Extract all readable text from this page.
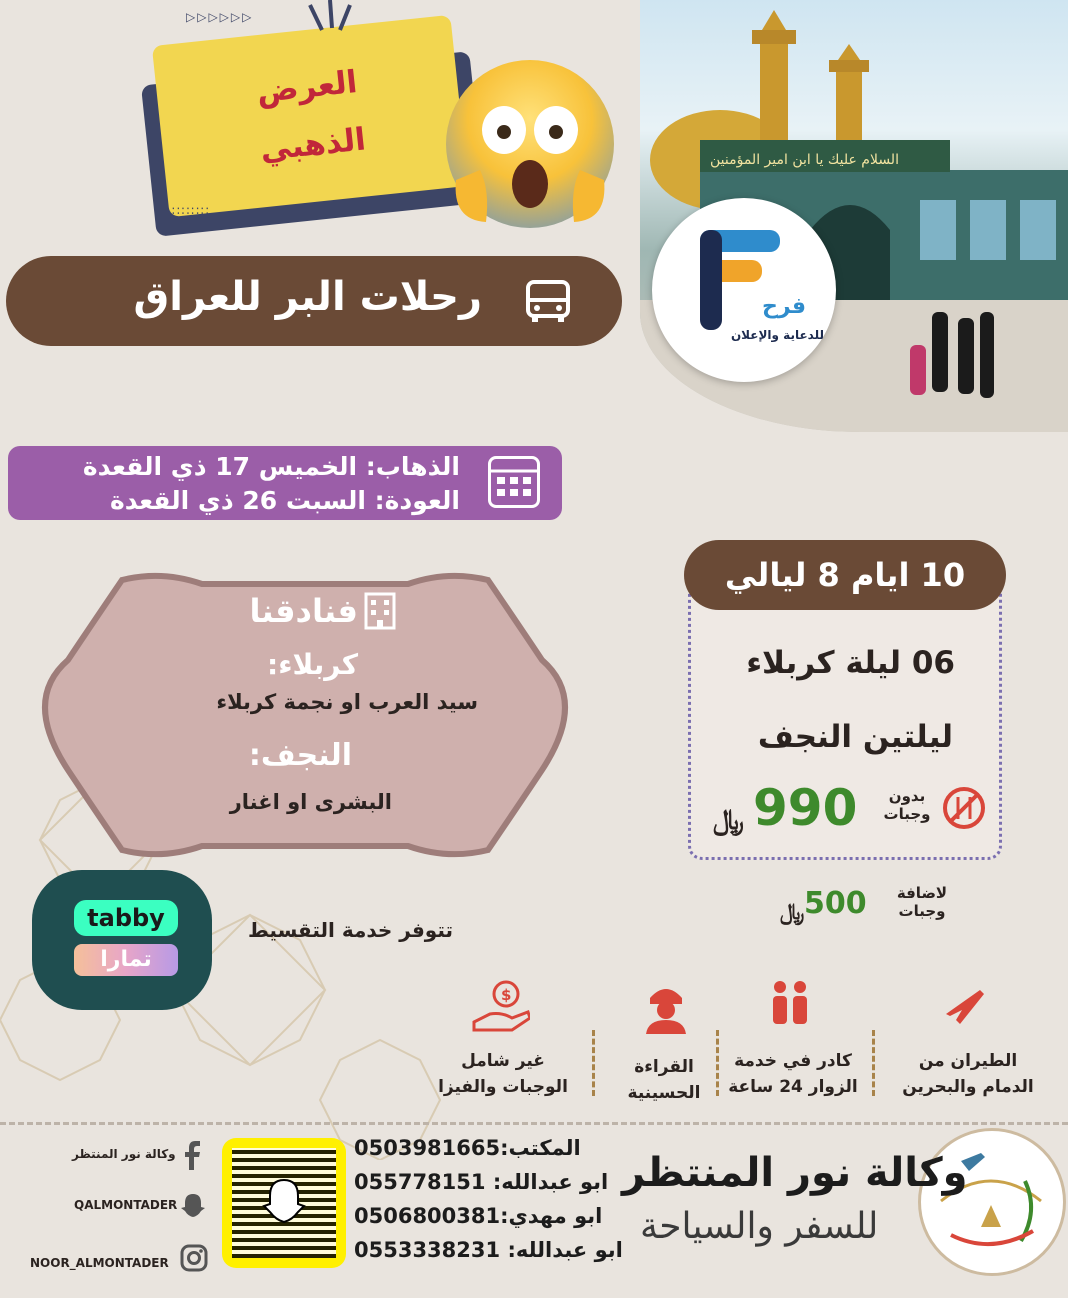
السلام عليك يا ابن امير المؤمنين
العرض
الذهبي
▷▷▷▷▷▷
∷∷∷∷
فرح
للدعاية والإعلان
رحلات البر للعراق
الذهاب: الخميس 17 ذي القعدة
العودة: السبت 26 ذي القعدة
فنادقنا
كربلاء:
سيد العرب او نجمة كربلاء
النجف:
البشرى او اغنار
06 ليلة كربلاء
ليلتين النجف
بدون
وجبات
990
﷼
10 ايام 8 ليالي
لاضافة
وجبات
500
﷼
tabby
تمارا
تتوفر خدمة التقسيط
الطيران من
الدمام والبحرين
كادر في خدمة
الزوار 24 ساعة
القراءة
الحسينية
$
غير شامل
الوجبات والفيزا
وكالة نور المنتظر
للسفر والسياحة
المكتب:0503981665
ابو عبدالله: 055778151
ابو مهدي:0506800381
ابو عبدالله: 0553338231
وكالة نور المنتظر
QALMONTADER
NOOR_ALMONTADER
